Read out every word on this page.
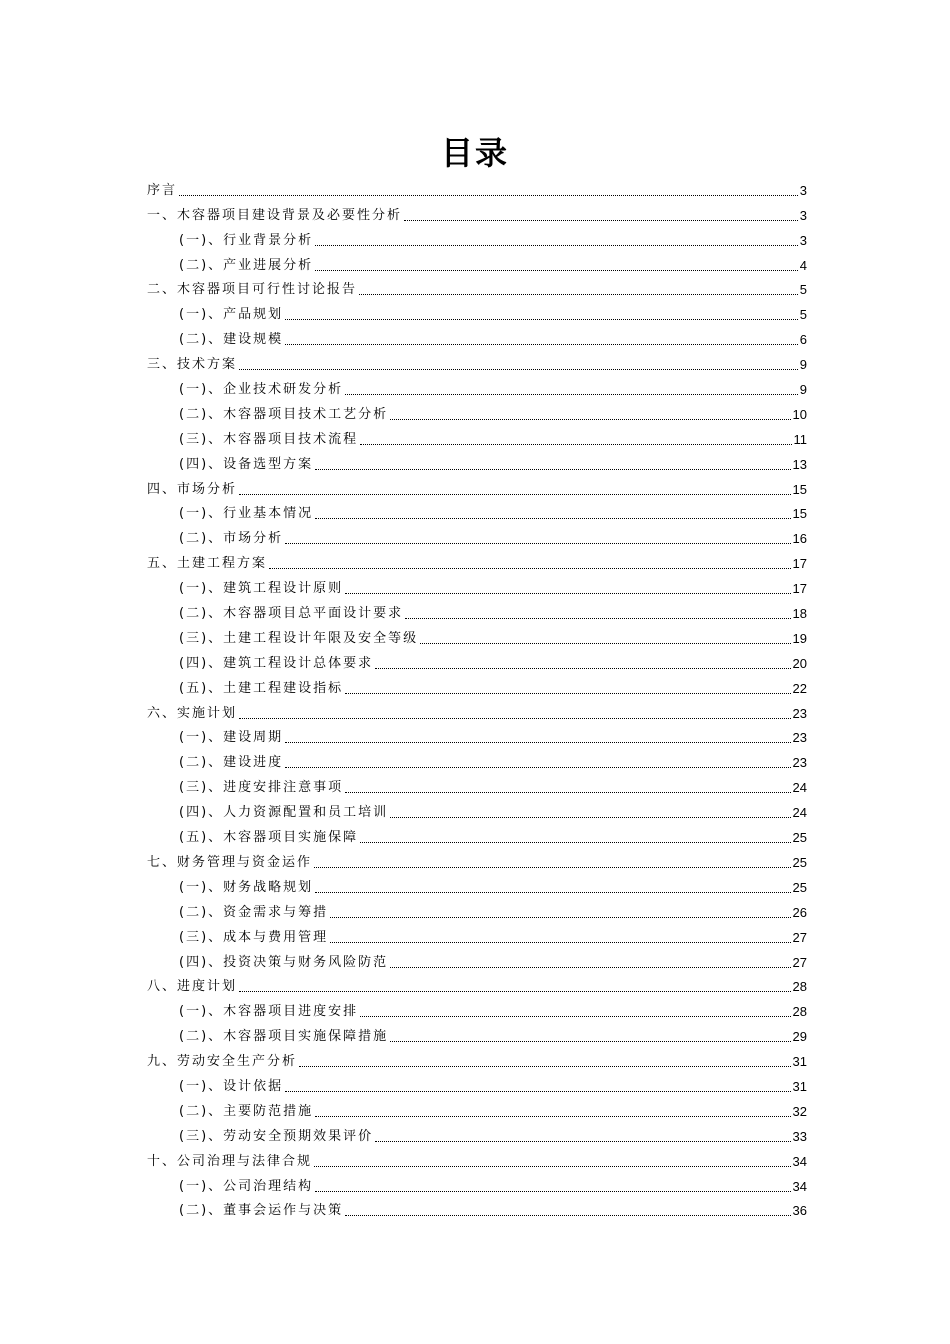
目录
序言	3
一、木容器项目建设背景及必要性分析	3
(一)、行业背景分析	3
(二)、产业进展分析	4
二、木容器项目可行性讨论报告	5
(一)、产品规划	5
(二)、建设规模	6
三、技术方案	9
(一)、企业技术研发分析	9
(二)、木容器项目技术工艺分析	10
(三)、木容器项目技术流程	11
(四)、设备选型方案	13
四、市场分析	15
(一)、行业基本情况	15
(二)、市场分析	16
五、土建工程方案	17
(一)、建筑工程设计原则	17
(二)、木容器项目总平面设计要求	18
(三)、土建工程设计年限及安全等级	19
(四)、建筑工程设计总体要求	20
(五)、土建工程建设指标	22
六、实施计划	23
(一)、建设周期	23
(二)、建设进度	23
(三)、进度安排注意事项	24
(四)、人力资源配置和员工培训	24
(五)、木容器项目实施保障	25
七、财务管理与资金运作	25
(一)、财务战略规划	25
(二)、资金需求与筹措	26
(三)、成本与费用管理	27
(四)、投资决策与财务风险防范	27
八、进度计划	28
(一)、木容器项目进度安排	28
(二)、木容器项目实施保障措施	29
九、劳动安全生产分析	31
(一)、设计依据	31
(二)、主要防范措施	32
(三)、劳动安全预期效果评价	33
十、公司治理与法律合规	34
(一)、公司治理结构	34
(二)、董事会运作与决策	36
